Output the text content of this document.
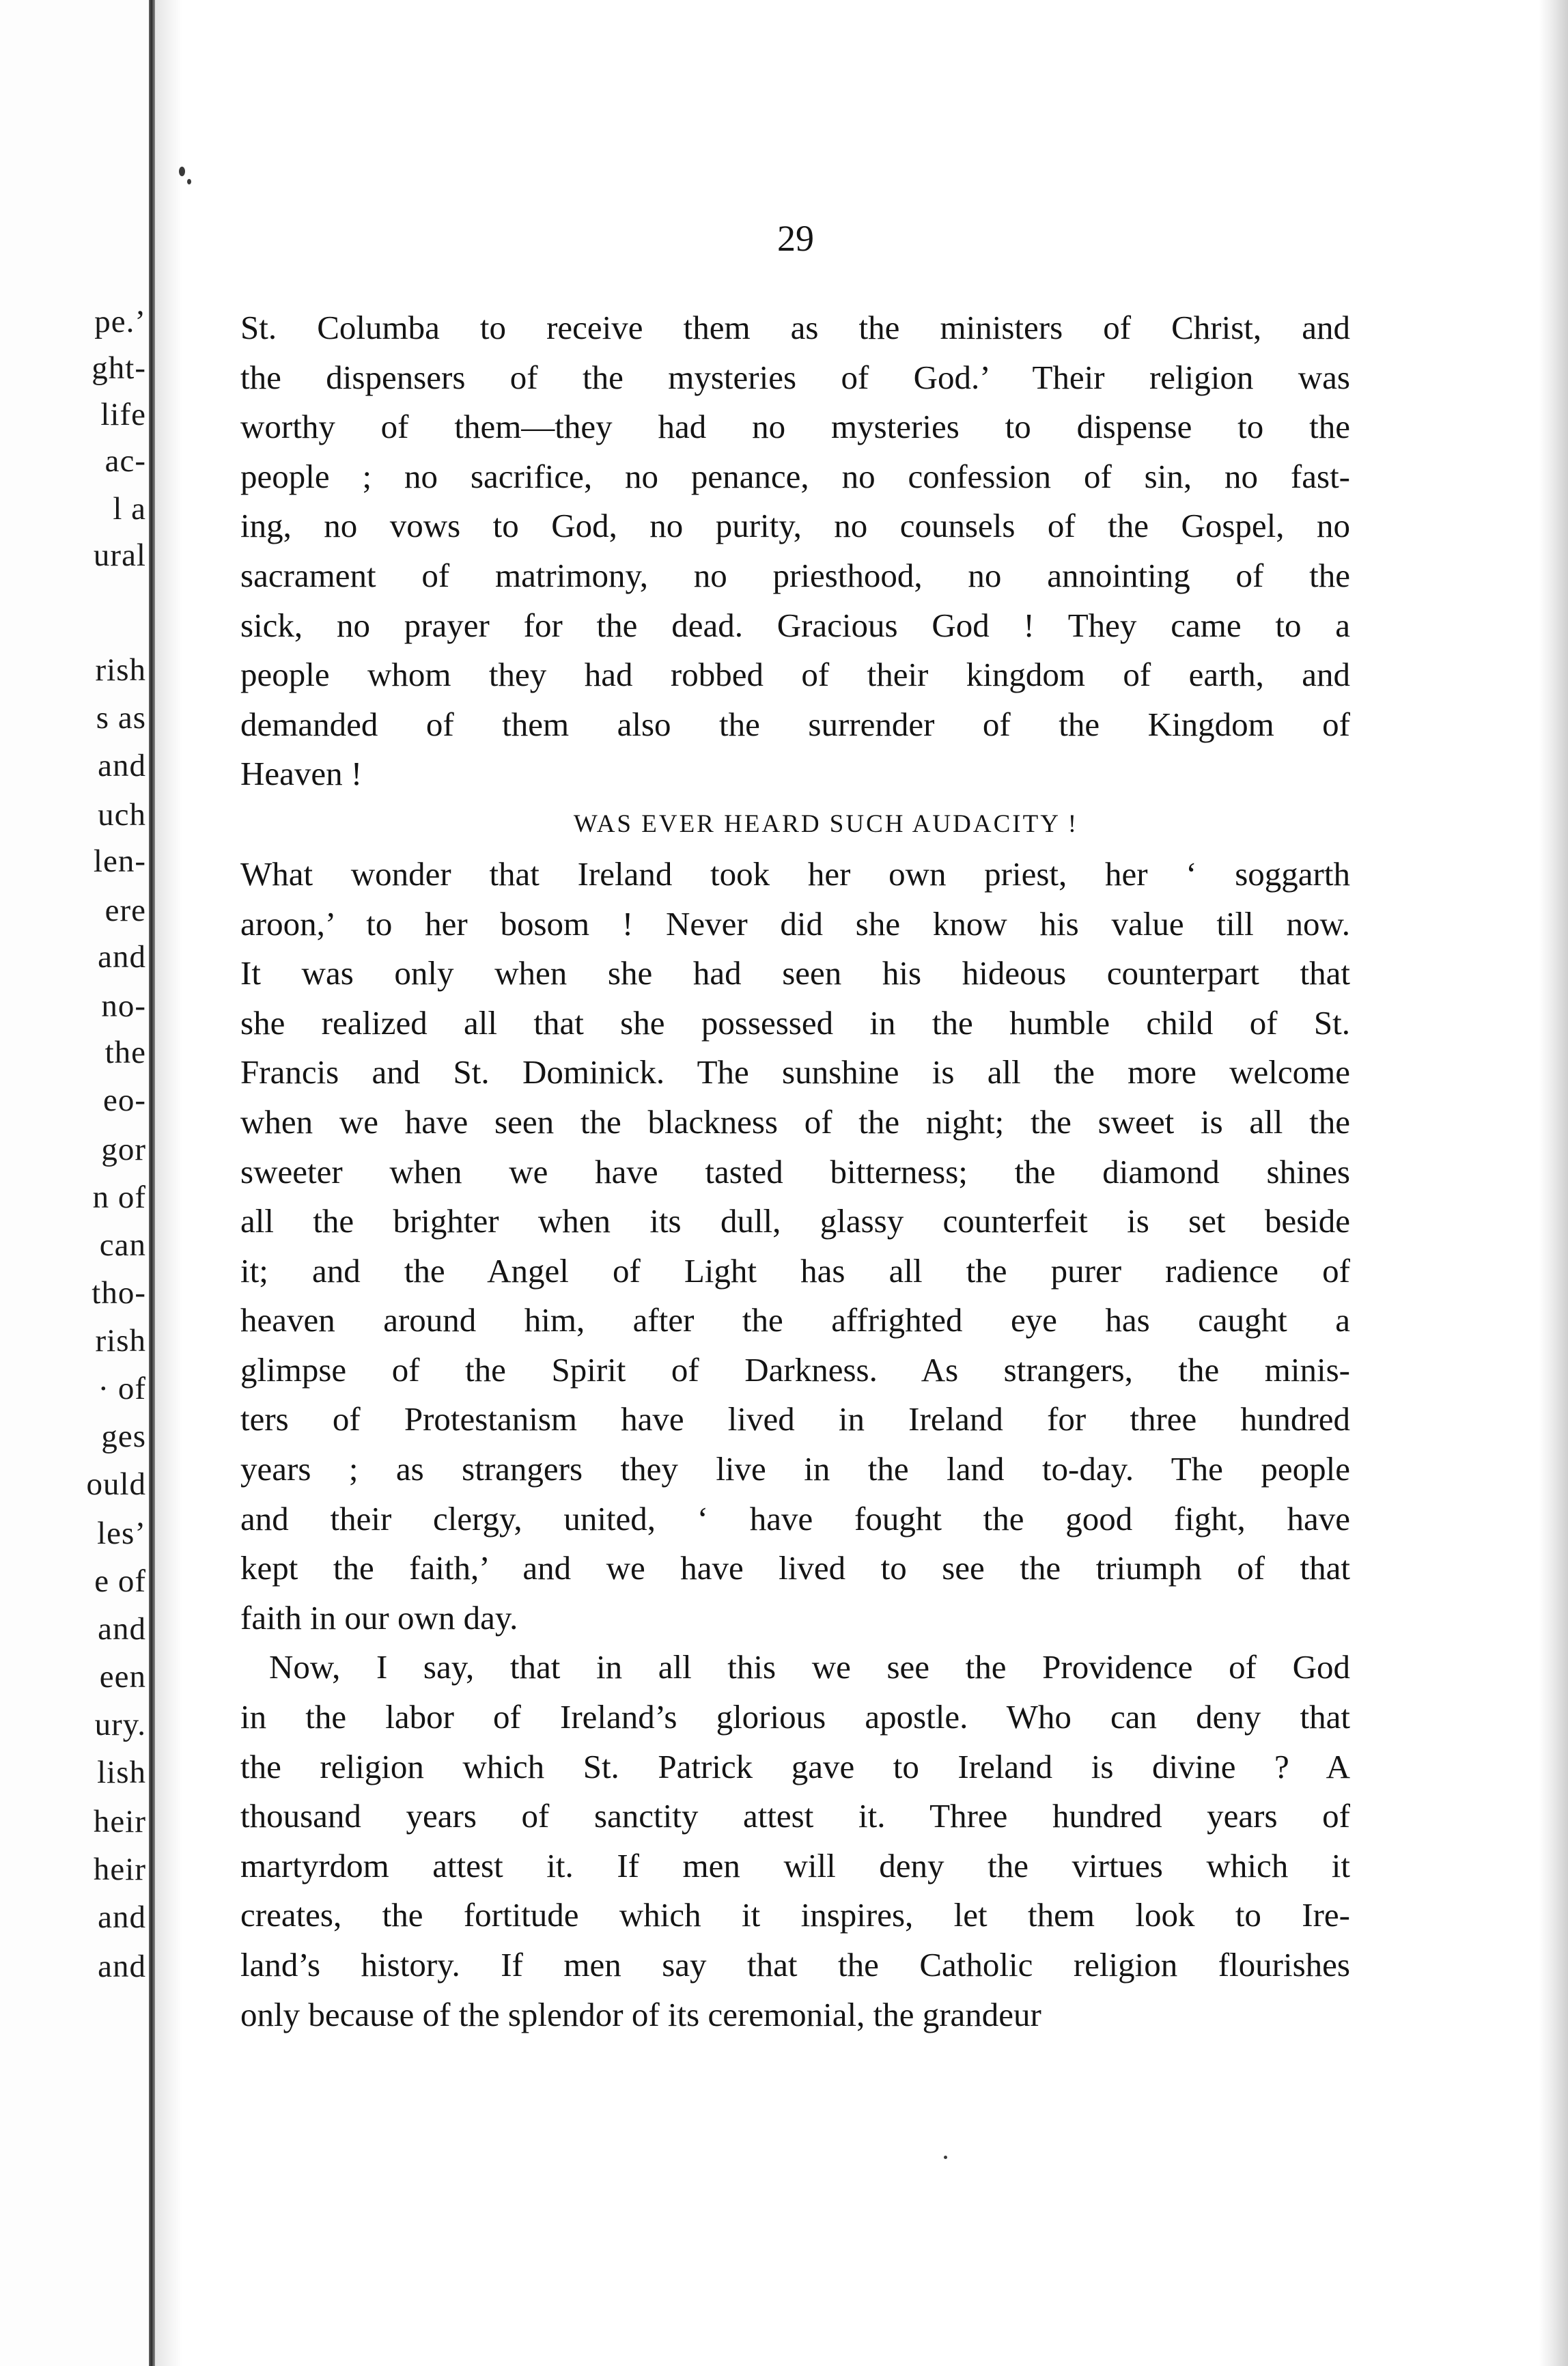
pe.’
ght-
life
ac-
l a
ural
rish
s as
and
uch
len-
ere
and
no-
the
eo-
gor
n of
can
tho-
rish
· of
ges
ould
les’
e of
and
een
ury.
lish
heir
heir
and
and
29
St. Columba to receive them as the ministers of Christ, and
the dispensers of the mysteries of God.’ Their religion was
worthy of them—they had no mysteries to dispense to the
people ; no sacrifice, no penance, no confession of sin, no fast-
ing, no vows to God, no purity, no counsels of the Gospel, no
sacrament of matrimony, no priesthood, no annointing of the
sick, no prayer for the dead. Gracious God ! They came to a
people whom they had robbed of their kingdom of earth, and
demanded of them also the surrender of the Kingdom of
Heaven !
WAS EVER HEARD SUCH AUDACITY !
What wonder that Ireland took her own priest, her ‘ soggarth
aroon,’ to her bosom ! Never did she know his value till now.
It was only when she had seen his hideous counterpart that
she realized all that she possessed in the humble child of St.
Francis and St. Dominick. The sunshine is all the more welcome
when we have seen the blackness of the night; the sweet is all the
sweeter when we have tasted bitterness; the diamond shines
all the brighter when its dull, glassy counterfeit is set beside
it; and the Angel of Light has all the purer radience of
heaven around him, after the affrighted eye has caught a
glimpse of the Spirit of Darkness. As strangers, the minis-
ters of Protestanism have lived in Ireland for three hundred
years ; as strangers they live in the land to-day. The people
and their clergy, united, ‘ have fought the good fight, have
kept the faith,’ and we have lived to see the triumph of that
faith in our own day.
Now, I say, that in all this we see the Providence of God
in the labor of Ireland’s glorious apostle. Who can deny that
the religion which St. Patrick gave to Ireland is divine ? A
thousand years of sanctity attest it. Three hundred years of
martyrdom attest it. If men will deny the virtues which it
creates, the fortitude which it inspires, let them look to Ire-
land’s history. If men say that the Catholic religion flourishes
only because of the splendor of its ceremonial, the grandeur
